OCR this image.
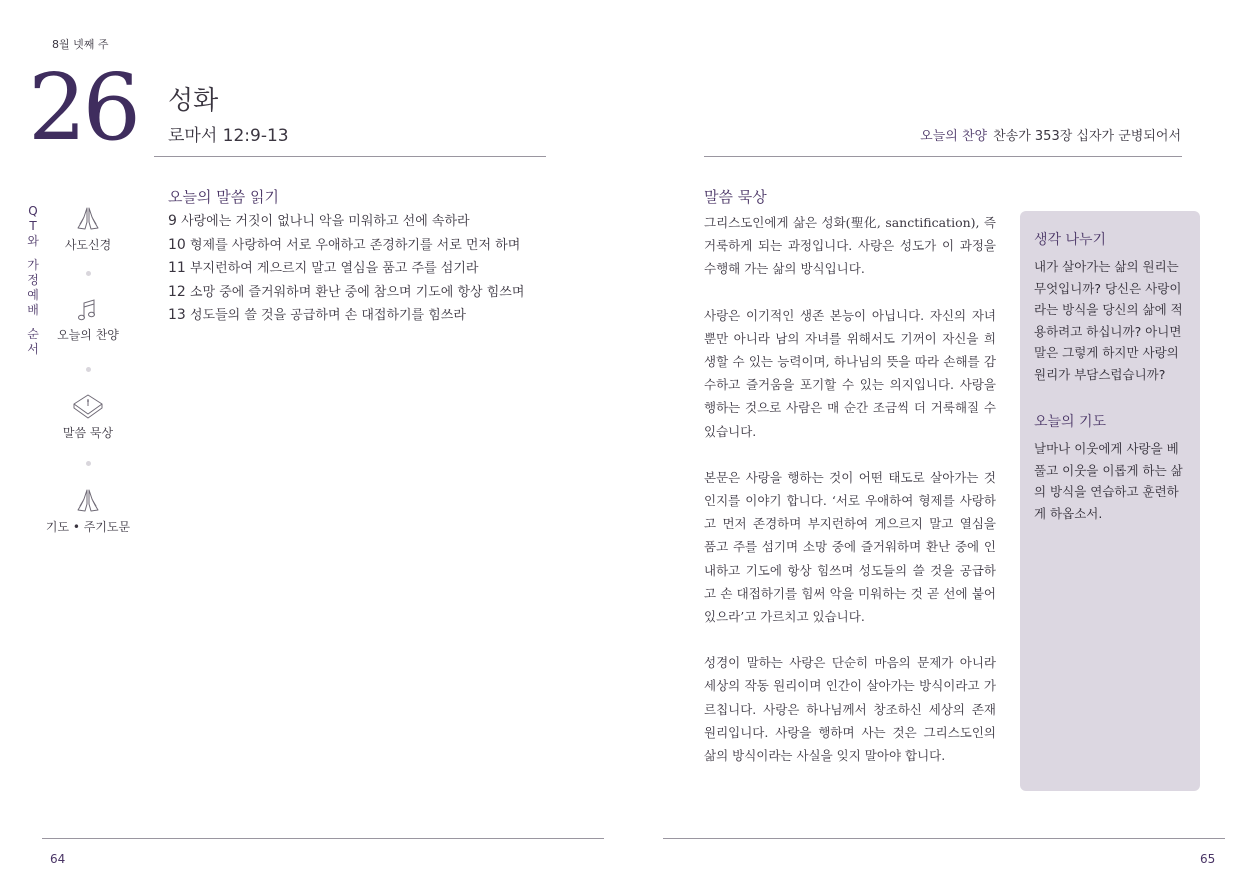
8월 넷째 주
26 성화
로마서 12:9-13
Q
T
와
가
정
예
배
순
서
사도신경
오늘의 찬양
말씀 묵상
기도 • 주기도문
오늘의 말씀 읽기
9 사랑에는 거짓이 없나니 악을 미워하고 선에 속하라
10 형제를 사랑하여 서로 우애하고 존경하기를 서로 먼저 하며
11 부지런하여 게으르지 말고 열심을 품고 주를 섬기라
12 소망 중에 즐거워하며 환난 중에 참으며 기도에 항상 힘쓰며
13 성도들의 쓸 것을 공급하며 손 대접하기를 힘쓰라
오늘의 찬양 찬송가 353장 십자가 군병되어서
말씀 묵상

그리스도인에게 삶은 성화(聖化, sanctification), 즉 거룩하게 되는 과정입니다. 사랑은 성도가 이 과정을 수행해 가는 삶의 방식입니다.

사랑은 이기적인 생존 본능이 아닙니다. 자신의 자녀 뿐만 아니라 남의 자녀를 위해서도 기꺼이 자신을 희생할 수 있는 능력이며, 하나님의 뜻을 따라 손해를 감수하고 즐거움을 포기할 수 있는 의지입니다. 사랑을 행하는 것으로 사람은 매 순간 조금씩 더 거룩해질 수 있습니다.

본문은 사랑을 행하는 것이 어떤 태도로 살아가는 것인지를 이야기 합니다. ‘서로 우애하여 형제를 사랑하고 먼저 존경하며 부지런하여 게으르지 말고 열심을 품고 주를 섬기며 소망 중에 즐거워하며 환난 중에 인내하고 기도에 항상 힘쓰며 성도들의 쓸 것을 공급하고 손 대접하기를 힘써 악을 미워하는 것 곧 선에 붙어 있으라’고 가르치고 있습니다.

성경이 말하는 사랑은 단순히 마음의 문제가 아니라 세상의 작동 원리이며 인간이 살아가는 방식이라고 가르칩니다. 사랑은 하나님께서 창조하신 세상의 존재 원리입니다. 사랑을 행하며 사는 것은 그리스도인의 삶의 방식이라는 사실을 잊지 말아야 합니다.

생각 나누기
내가 살아가는 삶의 원리는 무엇입니까? 당신은 사랑이라는 방식을 당신의 삶에 적용하려고 하십니까? 아니면 말은 그렇게 하지만 사랑의 원리가 부담스럽습니까?
오늘의 기도
날마나 이웃에게 사랑을 베풀고 이웃을 이롭게 하는 삶의 방식을 연습하고 훈련하게 하옵소서.
64	65
